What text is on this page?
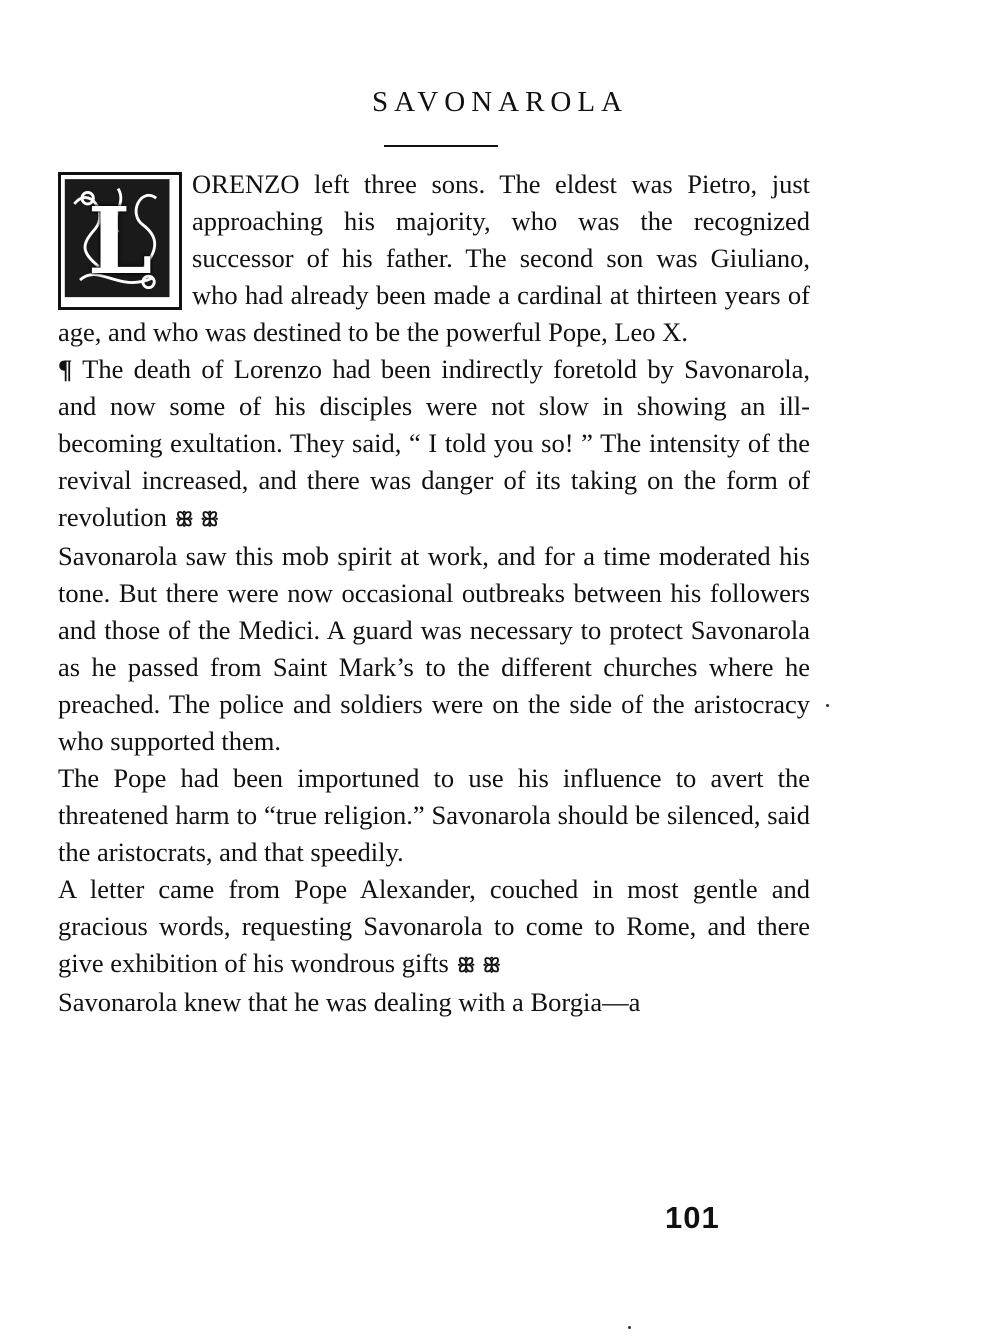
SAVONAROLA
L

ORENZO left three sons. The eldest was Pietro, just approaching his majority, who was the recognized successor of his father. The second son was Giuliano, who had already been made a cardinal at thirteen years of age, and who was destined to be the powerful Pope, Leo X.

¶ The death of Lorenzo had been indirectly foretold by Savonarola, and now some of his disciples were not slow in showing an ill-becoming exultation. They said, “ I told you so! ” The intensity of the revival increased, and there was danger of its taking on the form of revolution ꕥ ꕥ

Savonarola saw this mob spirit at work, and for a time moderated his tone. But there were now occasional outbreaks between his followers and those of the Medici. A guard was necessary to protect Savonarola as he passed from Saint Mark’s to the different churches where he preached. The police and soldiers were on the side of the aristocracy who supported them.

The Pope had been importuned to use his influence to avert the threatened harm to “true religion.” Savonarola should be silenced, said the aristocrats, and that speedily.

A letter came from Pope Alexander, couched in most gentle and gracious words, requesting Savonarola to come to Rome, and there give exhibition of his wondrous gifts ꕥ ꕥ

Savonarola knew that he was dealing with a Borgia—a

101
